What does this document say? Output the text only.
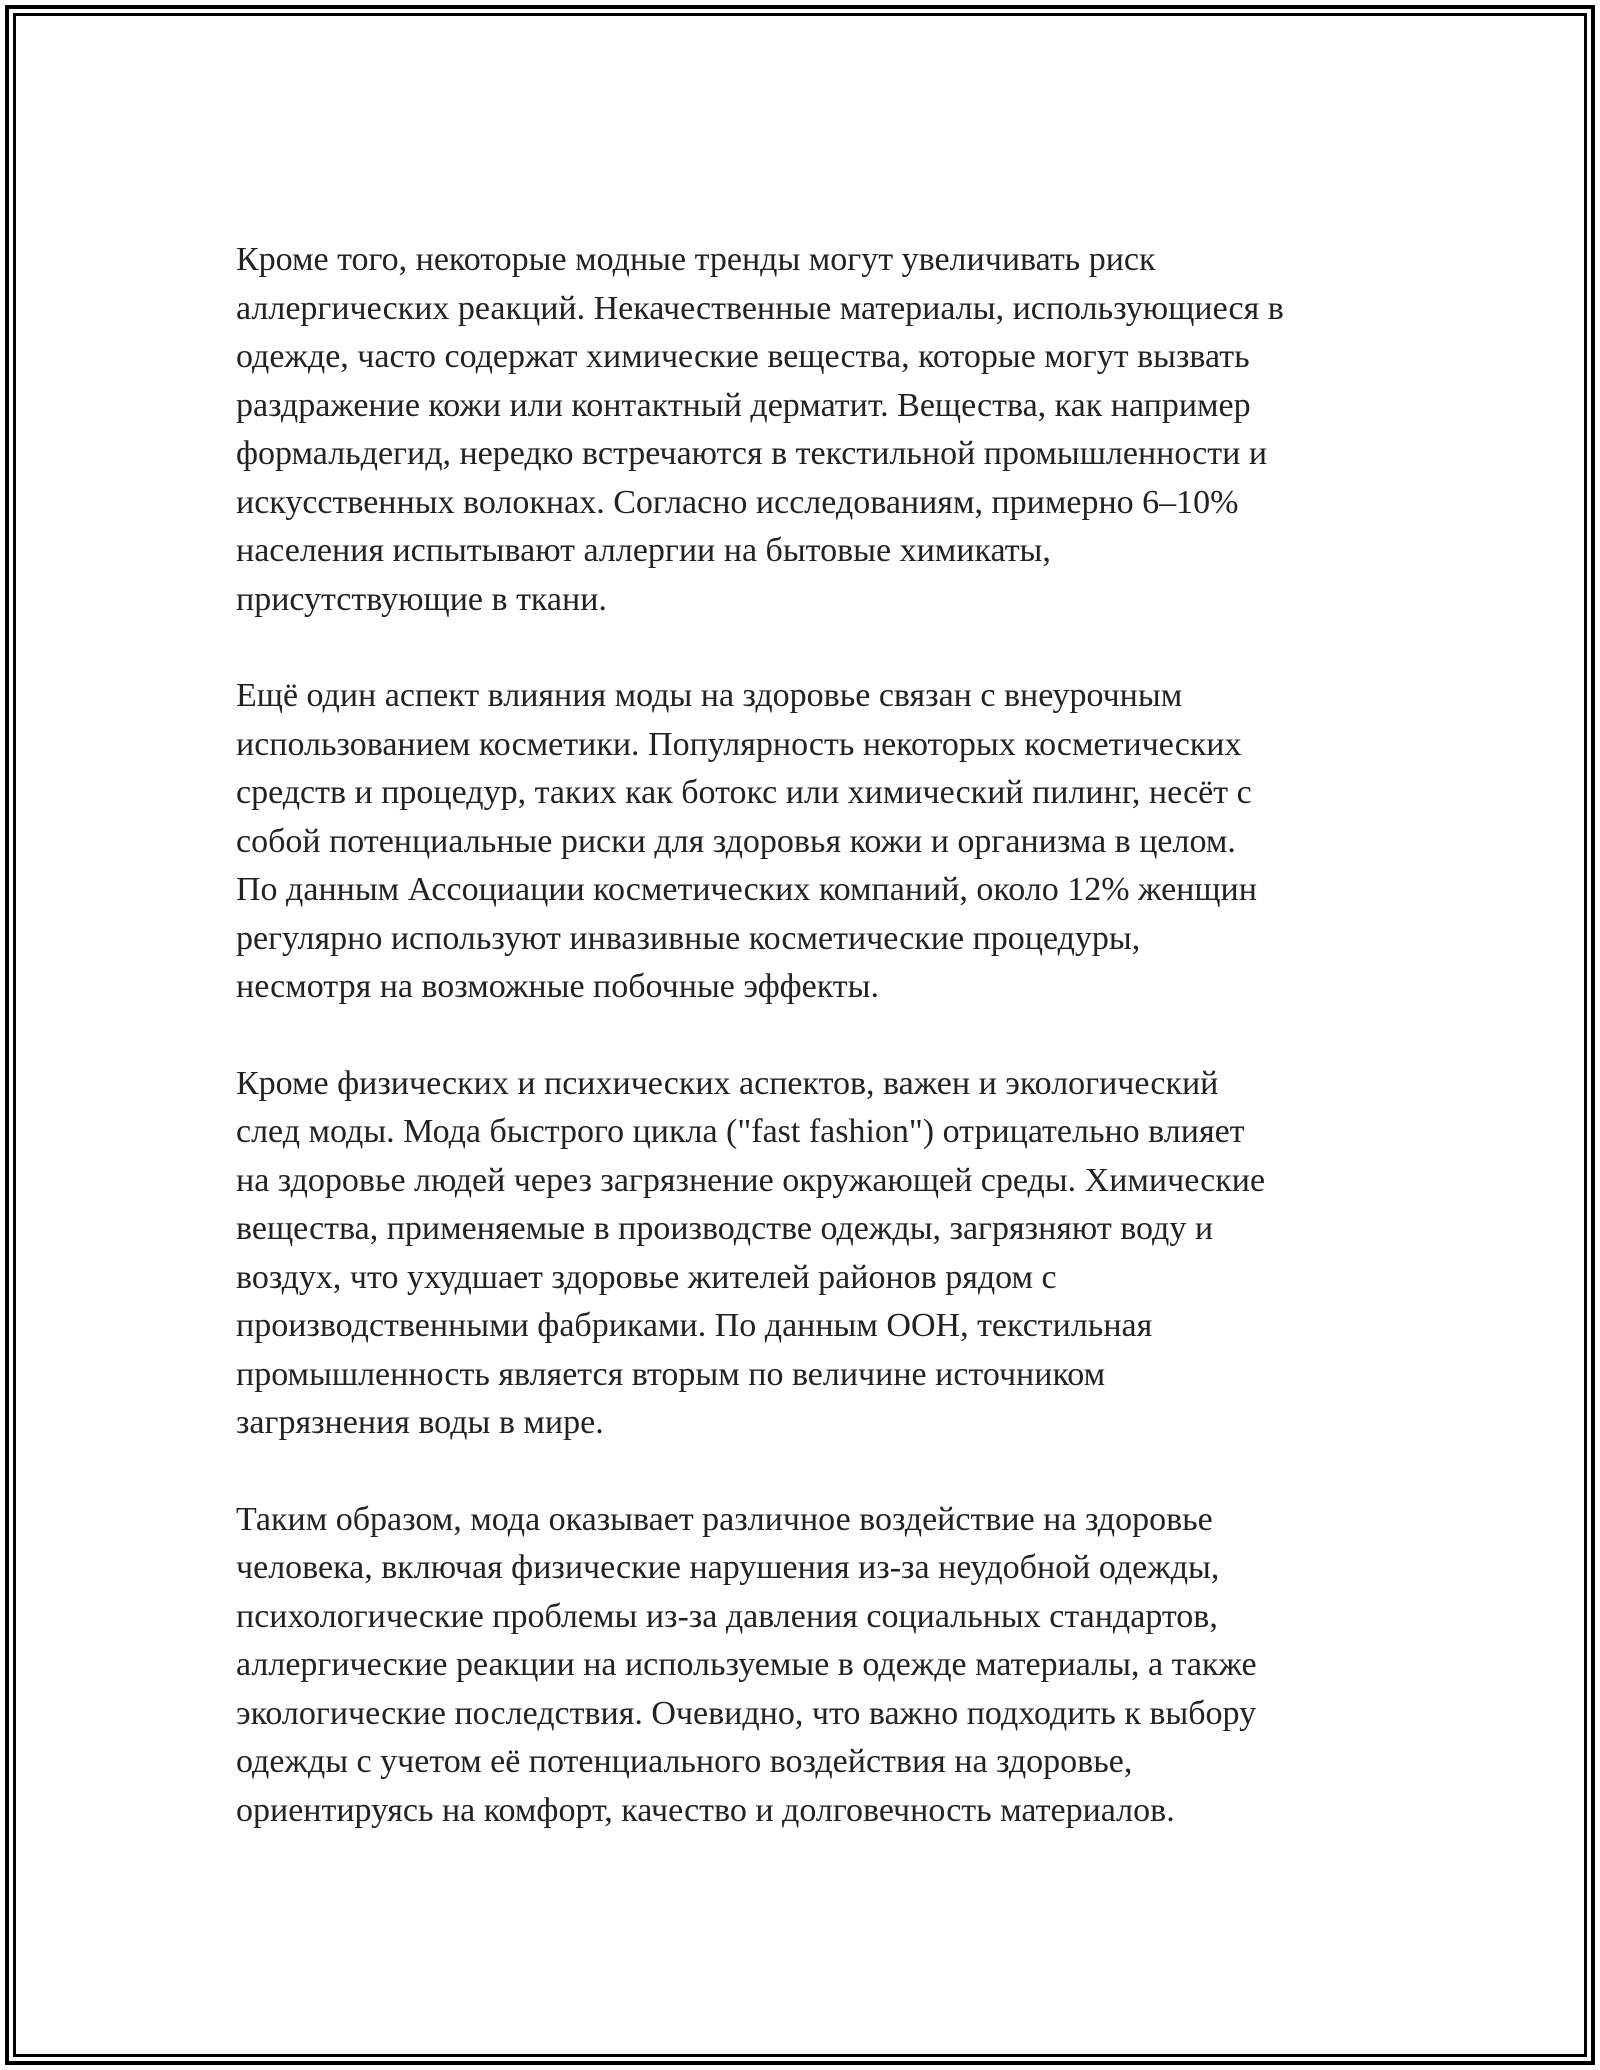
Кроме того, некоторые модные тренды могут увеличивать риск
аллергических реакций. Некачественные материалы, использующиеся в
одежде, часто содержат химические вещества, которые могут вызвать
раздражение кожи или контактный дерматит. Вещества, как например
формальдегид, нередко встречаются в текстильной промышленности и
искусственных волокнах. Согласно исследованиям, примерно 6–10%
населения испытывают аллергии на бытовые химикаты,
присутствующие в ткани.
Ещё один аспект влияния моды на здоровье связан с внеурочным
использованием косметики. Популярность некоторых косметических
средств и процедур, таких как ботокс или химический пилинг, несёт с
собой потенциальные риски для здоровья кожи и организма в целом.
По данным Ассоциации косметических компаний, около 12% женщин
регулярно используют инвазивные косметические процедуры,
несмотря на возможные побочные эффекты.
Кроме физических и психических аспектов, важен и экологический
след моды. Мода быстрого цикла ("fast fashion") отрицательно влияет
на здоровье людей через загрязнение окружающей среды. Химические
вещества, применяемые в производстве одежды, загрязняют воду и
воздух, что ухудшает здоровье жителей районов рядом с
производственными фабриками. По данным ООН, текстильная
промышленность является вторым по величине источником
загрязнения воды в мире.
Таким образом, мода оказывает различное воздействие на здоровье
человека, включая физические нарушения из-за неудобной одежды,
психологические проблемы из-за давления социальных стандартов,
аллергические реакции на используемые в одежде материалы, а также
экологические последствия. Очевидно, что важно подходить к выбору
одежды с учетом её потенциального воздействия на здоровье,
ориентируясь на комфорт, качество и долговечность материалов.
